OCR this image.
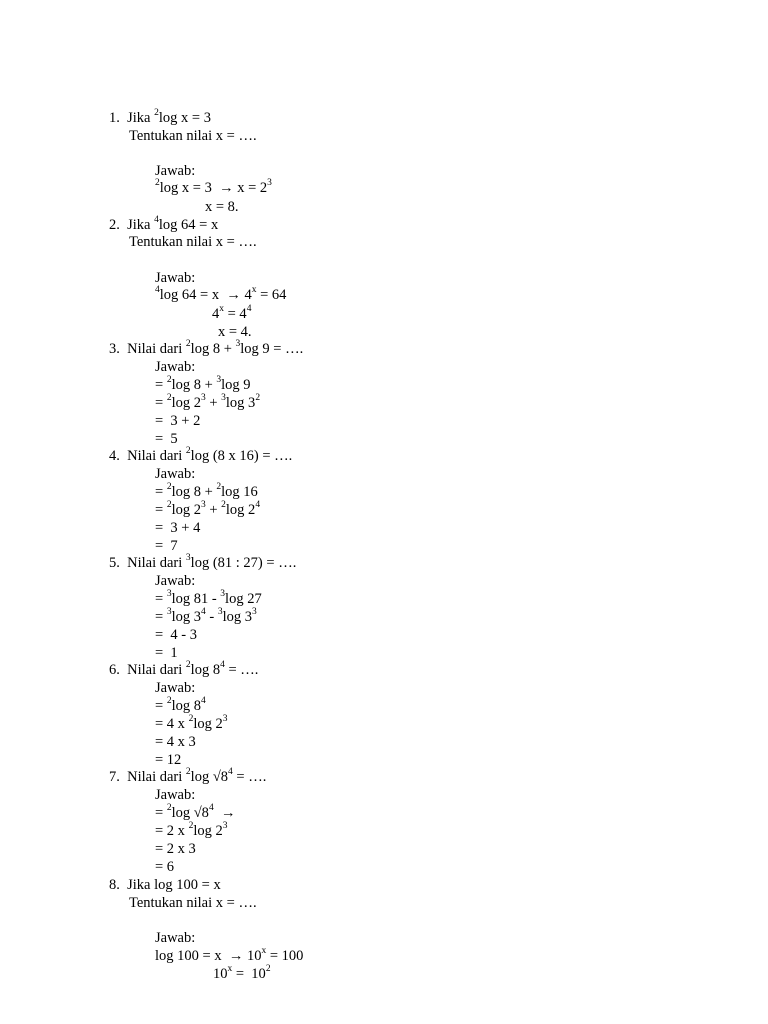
1.  Jika $^2$log x = 3
Tentukan nilai x = ….
Jawab:
$^2$log $x = 3 \to x = 2^3$
x = 8.
2.  Jika $^4$log 64 = x
Tentukan nilai x = ….
Jawab:
$^4$log $64 = x \to 4^x = 64$
$4^x = 4^4$
x = 4.
3.  Nilai dari $^2$log 8 + $^3$log 9 = ….
Jawab:
= $^2$log 8 + $^3$log 9
= $^2$log $2^3 + ^3\log$ $3^2$
=  3 + 2
=  5
4.  Nilai dari $^2$log (8 x 16) = ….
Jawab:
= $^2$log 8 + $^2$log 16
= $^2$log $2^3 + ^2\log$ $2^4$
=  3 + 4
=  7
5.  Nilai dari $^3$log (81 : 27) = ….
Jawab:
= $^3$log 81 - $^3$log 27
= $^3$log $3^4 - ^3\log$ $3^3$
=  4 - 3
=  1
6.  Nilai dari $^2$log $8^4$ = ….
Jawab:
= $^2$log $8^4$
= 4 x $^2$log $2^3$
= 4 x 3
= 12
7.  Nilai dari $^2$log $√8^4$ = ….
Jawab:
= $^2$log $√8^4$  →
= 2 x $^2$log $2^3$
= 2 x 3
= 6
8.  Jika log 100 = x
Tentukan nilai x = ….
Jawab:
$\log 100 = x \to 10^x = 100$
$10^x = 10^2$
